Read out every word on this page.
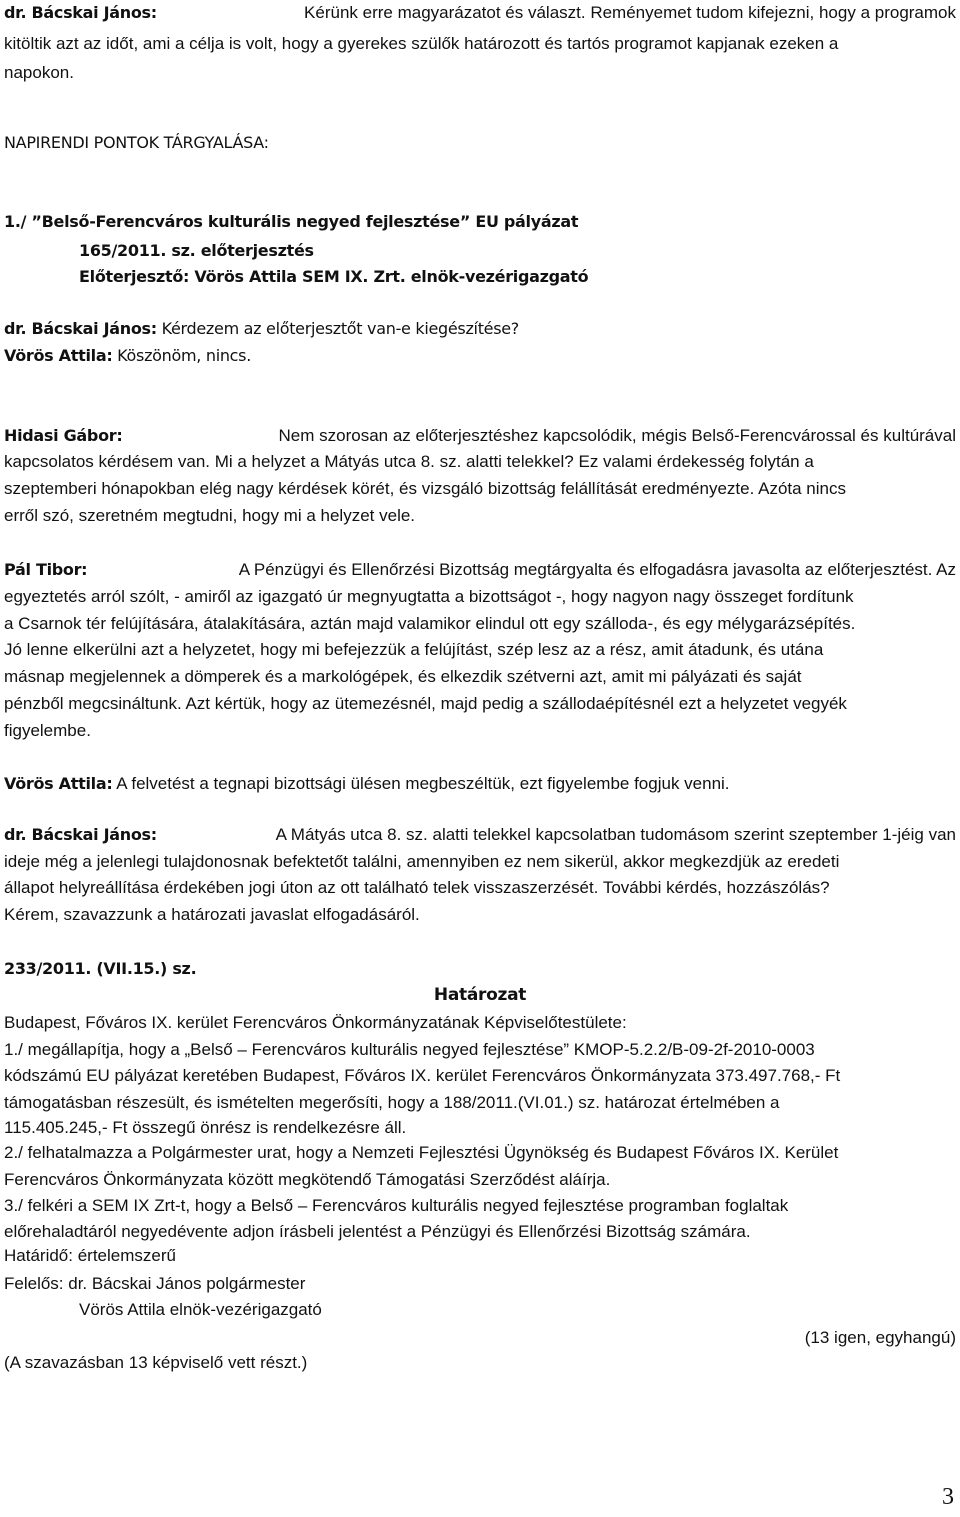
dr. Bácskai János:	Kérünk erre magyarázatot és választ. Reményemet tudom kifejezni, hogy a programok
kitöltik azt az időt, ami a célja is volt, hogy a gyerekes szülők határozott és tartós programot kapjanak ezeken a
napokon.
NAPIRENDI PONTOK TÁRGYALÁSA:
1./ ”Belső-Ferencváros kulturális negyed fejlesztése” EU pályázat
165/2011. sz. előterjesztés
Előterjesztő: Vörös Attila SEM IX. Zrt. elnök-vezérigazgató
dr. Bácskai János: Kérdezem az előterjesztőt van-e kiegészítése?
Vörös Attila: Köszönöm, nincs.
Hidasi Gábor:	Nem szorosan az előterjesztéshez kapcsolódik, mégis Belső-Ferencvárossal és kultúrával
kapcsolatos kérdésem van. Mi a helyzet a Mátyás utca 8. sz. alatti telekkel? Ez valami érdekesség folytán a
szeptemberi hónapokban elég nagy kérdések körét, és vizsgáló bizottság felállítását eredményezte. Azóta nincs
erről szó, szeretném megtudni, hogy mi a helyzet vele.
Pál Tibor:	A Pénzügyi és Ellenőrzési Bizottság megtárgyalta és elfogadásra javasolta az előterjesztést. Az
egyeztetés arról szólt, - amiről az igazgató úr megnyugtatta a bizottságot -, hogy nagyon nagy összeget fordítunk
a Csarnok tér felújítására, átalakítására, aztán majd valamikor elindul ott egy szálloda-, és egy mélygarázsépítés.
Jó lenne elkerülni azt a helyzetet, hogy mi befejezzük a felújítást, szép lesz az a rész, amit átadunk, és utána
másnap megjelennek a dömperek és a markológépek, és elkezdik szétverni azt, amit mi pályázati és saját
pénzből megcsináltunk. Azt kértük, hogy az ütemezésnél, majd pedig a szállodaépítésnél ezt a helyzetet vegyék
figyelembe.
Vörös Attila: A felvetést a tegnapi bizottsági ülésen megbeszéltük, ezt figyelembe fogjuk venni.
dr. Bácskai János:	A Mátyás utca 8. sz. alatti telekkel kapcsolatban tudomásom szerint szeptember 1-jéig van
ideje még a jelenlegi tulajdonosnak befektetőt találni, amennyiben ez nem sikerül, akkor megkezdjük az eredeti
állapot helyreállítása érdekében jogi úton az ott található telek visszaszerzését. További kérdés, hozzászólás?
Kérem, szavazzunk a határozati javaslat elfogadásáról.
233/2011. (VII.15.) sz.
Határozat
Budapest, Főváros IX. kerület Ferencváros Önkormányzatának Képviselőtestülete:
1./ megállapítja, hogy a „Belső – Ferencváros kulturális negyed fejlesztése” KMOP-5.2.2/B-09-2f-2010-0003
kódszámú EU pályázat keretében Budapest, Főváros IX. kerület Ferencváros Önkormányzata 373.497.768,- Ft
támogatásban részesült, és ismételten megerősíti, hogy a 188/2011.(VI.01.) sz. határozat értelmében a
115.405.245,- Ft összegű önrész is rendelkezésre áll.
2./ felhatalmazza a Polgármester urat, hogy a Nemzeti Fejlesztési Ügynökség és Budapest Főváros IX. Kerület
Ferencváros Önkormányzata között megkötendő Támogatási Szerződést aláírja.
3./ felkéri a SEM IX Zrt-t, hogy a Belső – Ferencváros kulturális negyed fejlesztése programban foglaltak
előrehaladtáról negyedévente adjon írásbeli jelentést a Pénzügyi és Ellenőrzési Bizottság számára.
Határidő: értelemszerű
Felelős: dr. Bácskai János polgármester
Vörös Attila elnök-vezérigazgató
(13 igen, egyhangú)
(A szavazásban 13 képviselő vett részt.)
3
